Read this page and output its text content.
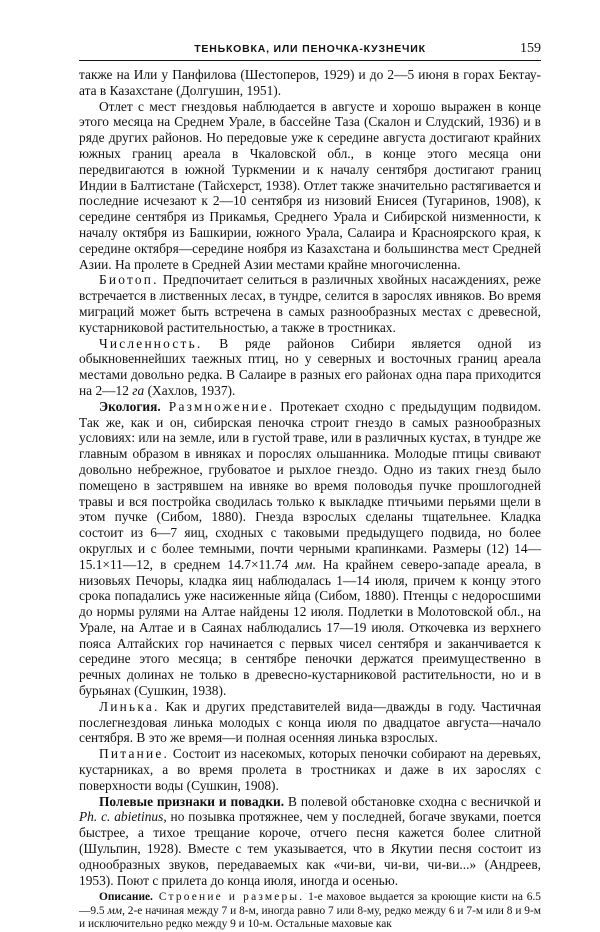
ТЕНЬКОВКА, ИЛИ ПЕНОЧКА-КУЗНЕЧИК	159

также на Или у Панфилова (Шестоперов, 1929) и до 2—5 июня в горах Бектау-ата в Казахстане (Долгушин, 1951).

Отлет с мест гнездовья наблюдается в августе и хорошо выражен в конце этого месяца на Среднем Урале, в бассейне Таза (Скалон и Слудский, 1936) и в ряде других районов. Но передовые уже к середине августа достигают крайних южных границ ареала в Чкаловской обл., в конце этого месяца они передвигаются в южной Туркмении и к началу сентября достигают границ Индии в Балтистане (Тайсхерст, 1938). Отлет также значительно растягивается и последние исчезают к 2—10 сентября из низовий Енисея (Тугаринов, 1908), к середине сентября из Прикамья, Среднего Урала и Сибирской низменности, к началу октября из Башкирии, южного Урала, Салаира и Красноярского края, к середине октября—середине ноября из Казахстана и большинства мест Средней Азии. На пролете в Средней Азии местами крайне многочисленна.

Биотоп. Предпочитает селиться в различных хвойных насаждениях, реже встречается в лиственных лесах, в тундре, селится в зарослях ивняков. Во время миграций может быть встречена в самых разнообразных местах с древесной, кустарниковой растительностью, а также в тростниках.

Численность. В ряде районов Сибири является одной из обыкновеннейших таежных птиц, но у северных и восточных границ ареала местами довольно редка. В Салаире в разных его районах одна пара приходится на 2—12 га (Хахлов, 1937).

Экология. Размножение. Протекает сходно с предыдущим подвидом. Так же, как и он, сибирская пеночка строит гнездо в самых разнообразных условиях: или на земле, или в густой траве, или в различных кустах, в тундре же главным образом в ивняках и порослях ольшанника. Молодые птицы свивают довольно небрежное, грубоватое и рыхлое гнездо. Одно из таких гнезд было помещено в застрявшем на ивняке во время половодья пучке прошлогодней травы и вся постройка сводилась только к выкладке птичьими перьями щели в этом пучке (Сибом, 1880). Гнезда взрослых сделаны тщательнее. Кладка состоит из 6—7 яиц, сходных с таковыми предыдущего подвида, но более округлых и с более темными, почти черными крапинками. Размеры (12) 14—15.1×11—12, в среднем 14.7×11.74 мм. На крайнем северо-западе ареала, в низовьях Печоры, кладка яиц наблюдалась 1—14 июля, причем к концу этого срока попадались уже насиженные яйца (Сибом, 1880). Птенцы с недоросшими до нормы рулями на Алтае найдены 12 июля. Подлетки в Молотовской обл., на Урале, на Алтае и в Саянах наблюдались 17—19 июля. Откочевка из верхнего пояса Алтайских гор начинается с первых чисел сентября и заканчивается к середине этого месяца; в сентябре пеночки держатся преимущественно в речных долинах не только в древесно-кустарниковой растительности, но и в бурьянах (Сушкин, 1938).

Линька. Как и других представителей вида—дважды в году. Частичная послегнездовая линька молодых с конца июля по двадцатое августа—начало сентября. В это же время—и полная осенняя линька взрослых.

Питание. Состоит из насекомых, которых пеночки собирают на деревьях, кустарниках, а во время пролета в тростниках и даже в их зарослях с поверхности воды (Сушкин, 1908).

Полевые признаки и повадки. В полевой обстановке сходна с весничкой и Ph. c. abietinus, но позывка протяжнее, чем у последней, богаче звуками, поется быстрее, а тихое трещание короче, отчего песня кажется более слитной (Шульпин, 1928). Вместе с тем указывается, что в Якутии песня состоит из однообразных звуков, передаваемых как «чи-ви, чи-ви, чи-ви...» (Андреев, 1953). Поют с прилета до конца июля, иногда и осенью.

Описание. Строение и размеры. 1-е маховое выдается за кроющие кисти на 6.5—9.5 мм, 2-е начиная между 7 и 8-м, иногда равно 7 или 8-му, редко между 6 и 7-м или 8 и 9-м и исключительно редко между 9 и 10-м. Остальные маховые как
